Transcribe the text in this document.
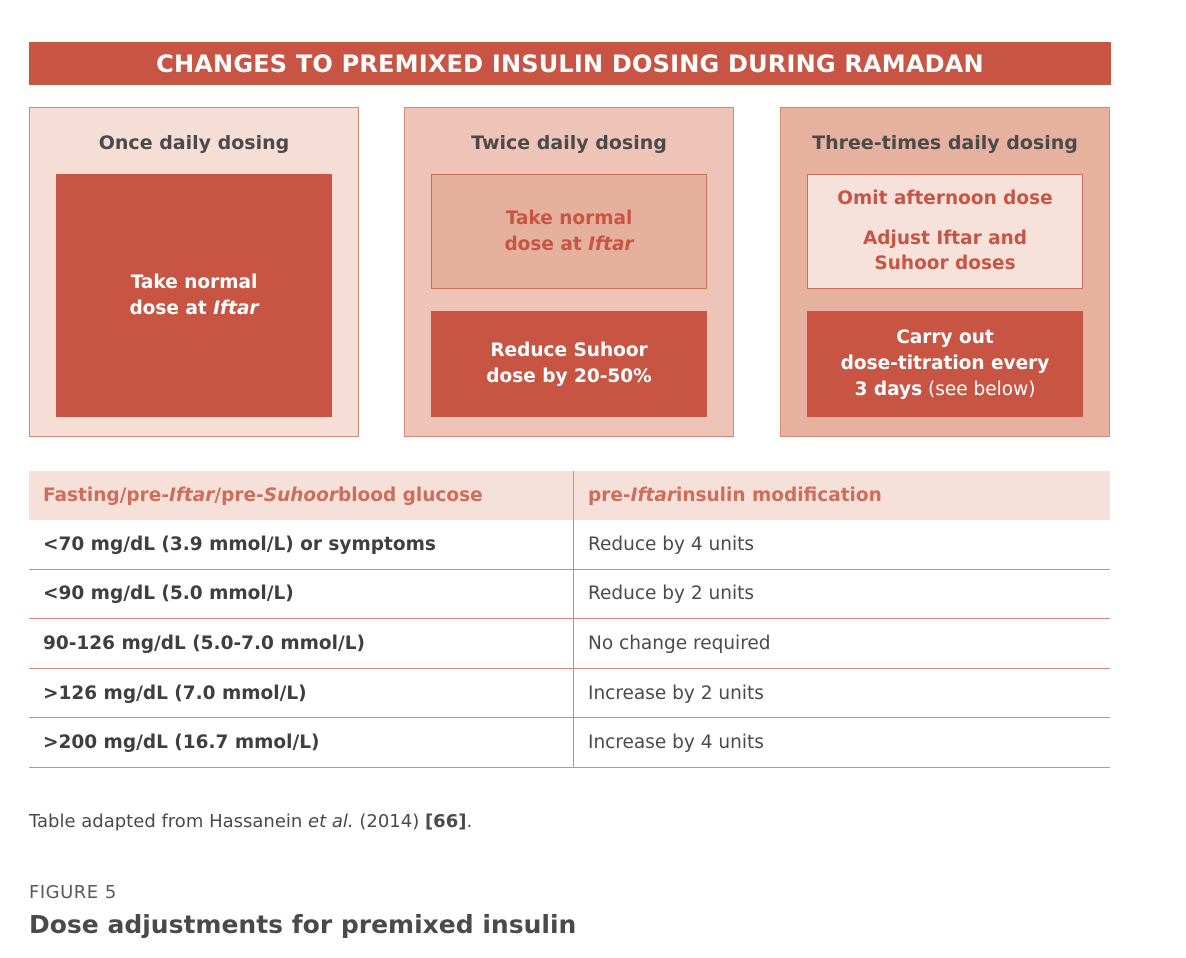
CHANGES TO PREMIXED INSULIN DOSING DURING RAMADAN
Once daily dosing
Take normal
dose at Iftar
Twice daily dosing
Take normal
dose at Iftar
Reduce Suhoor
dose by 20-50%
Three-times daily dosing

Omit afternoon dose

Adjust Iftar and
Suhoor doses

Carry out
dose-titration every
3 days (see below)
Fasting/pre- Iftar /pre- Suhoor blood glucose	pre- Iftar insulin modification
<70 mg/dL (3.9 mmol/L) or symptoms	Reduce by 4 units
<90 mg/dL (5.0 mmol/L)	Reduce by 2 units
90-126 mg/dL (5.0-7.0 mmol/L)	No change required
>126 mg/dL (7.0 mmol/L)	Increase by 2 units
>200 mg/dL (16.7 mmol/L)	Increase by 4 units
Table adapted from Hassanein et al. (2014) [66].
FIGURE 5
Dose adjustments for premixed insulin
